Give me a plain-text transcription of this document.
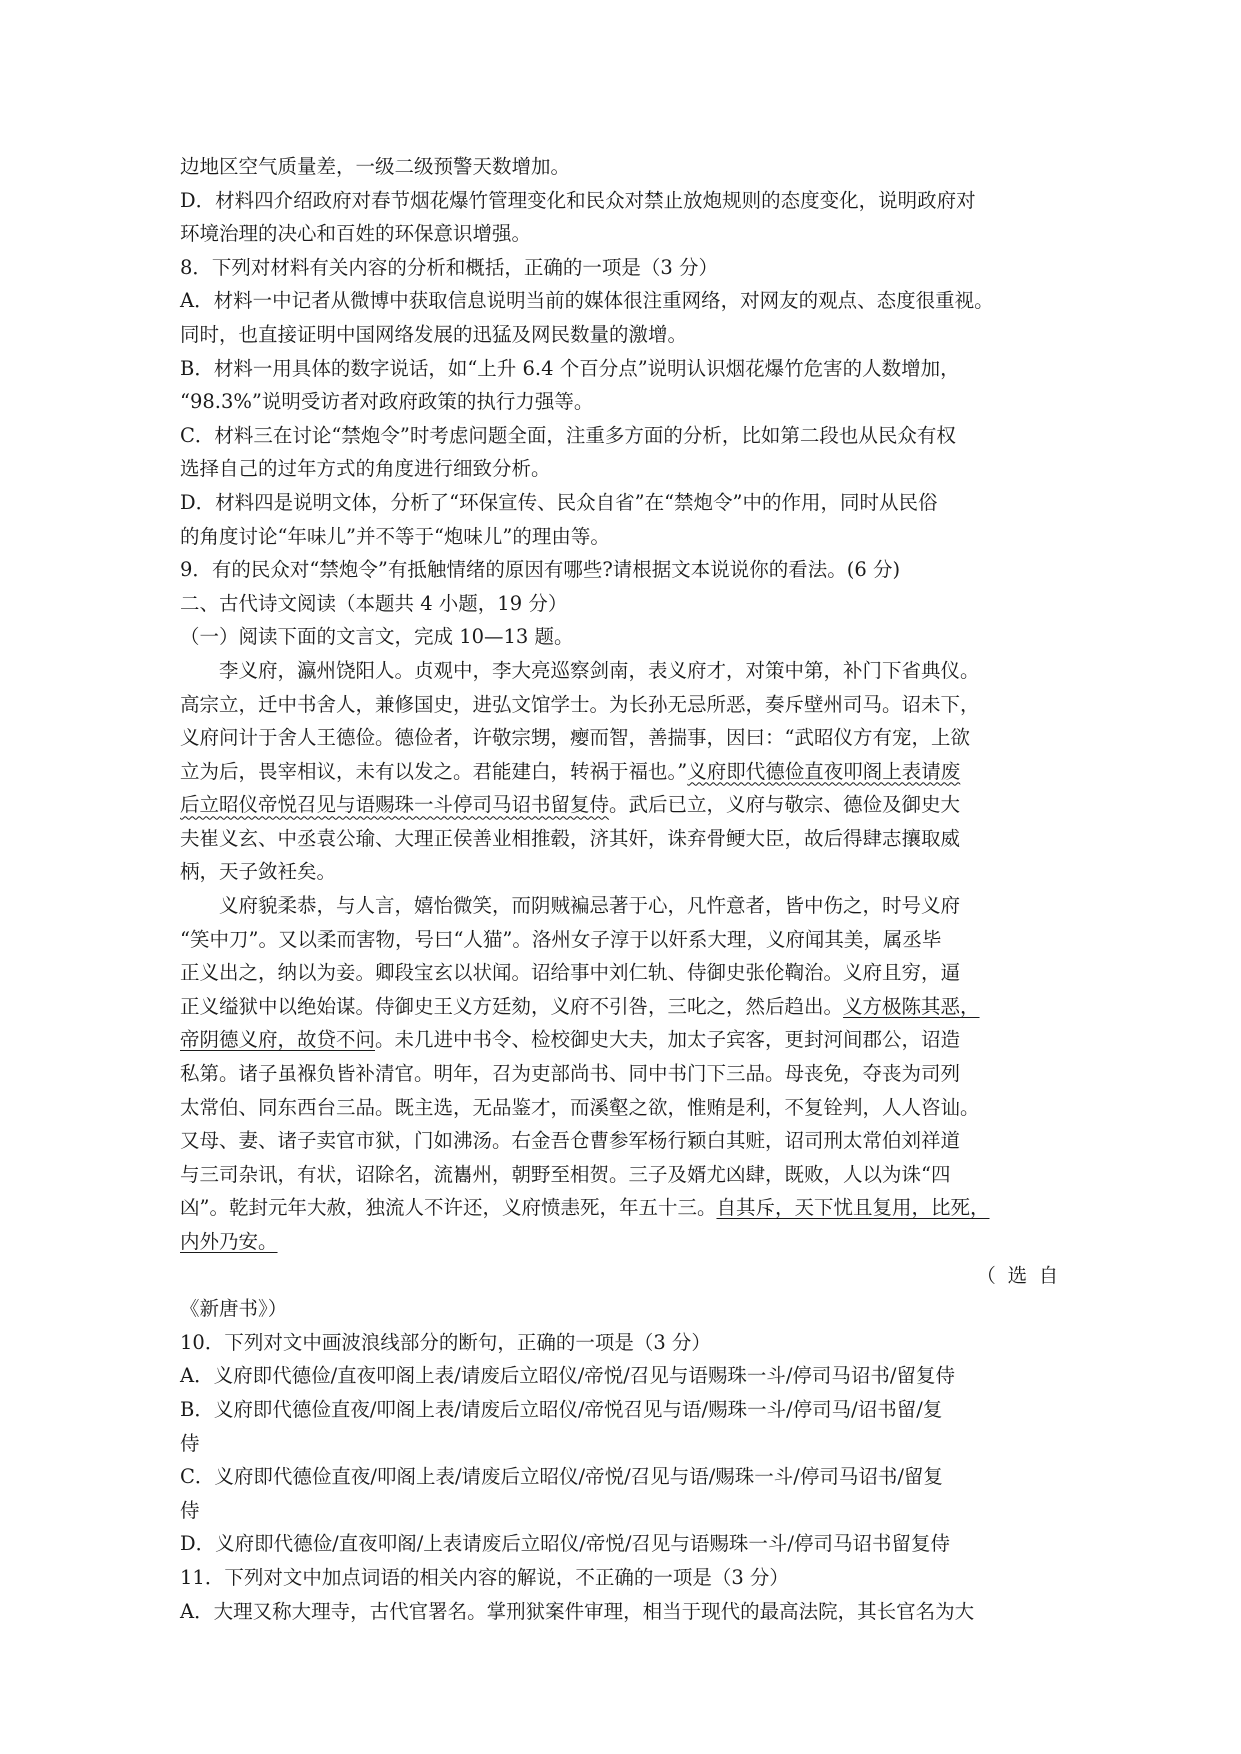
边地区空气质量差，一级二级预警天数增加。
D．材料四介绍政府对春节烟花爆竹管理变化和民众对禁止放炮规则的态度变化，说明政府对
环境治理的决心和百姓的环保意识增强。
8．下列对材料有关内容的分析和概括，正确的一项是（3 分）
A．材料一中记者从微博中获取信息说明当前的媒体很注重网络，对网友的观点、态度很重视。
同时，也直接证明中国网络发展的迅猛及网民数量的激增。
B．材料一用具体的数字说话，如“上升 6.4 个百分点”说明认识烟花爆竹危害的人数增加，
“98.3%”说明受访者对政府政策的执行力强等。
C．材料三在讨论“禁炮令”时考虑问题全面，注重多方面的分析，比如第二段也从民众有权
选择自己的过年方式的角度进行细致分析。
D．材料四是说明文体，分析了“环保宣传、民众自省”在“禁炮令”中的作用，同时从民俗
的角度讨论“年味儿”并不等于“炮味儿”的理由等。
9．有的民众对“禁炮令”有抵触情绪的原因有哪些?请根据文本说说你的看法。(6 分)
二、古代诗文阅读（本题共 4 小题，19 分）
（一）阅读下面的文言文，完成 10—13 题。
李义府，瀛州饶阳人。贞观中，李大亮巡察剑南，表义府才，对策中第，补门下省典仪。
高宗立，迁中书舍人，兼修国史，进弘文馆学士。为长孙无忌所恶，奏斥壁州司马。诏未下，
义府问计于舍人王德俭。德俭者，许敬宗甥，瘿而智，善揣事，因曰：“武昭仪方有宠，上欲
立为后，畏宰相议，未有以发之。君能建白，转祸于福也。”义府即代德俭直夜叩阁上表请废
后立昭仪帝悦召见与语赐珠一斗停司马诏书留复侍。武后已立，义府与敬宗、德俭及御史大
夫崔义玄、中丞袁公瑜、大理正侯善业相推毂，济其奸，诛弃骨鲠大臣，故后得肆志攘取威
柄，天子敛衽矣。
义府貌柔恭，与人言，嬉怡微笑，而阴贼褊忌著于心，凡忤意者，皆中伤之，时号义府
“笑中刀”。又以柔而害物，号曰“人猫”。洛州女子淳于以奸系大理，义府闻其美，属丞毕
正义出之，纳以为妾。卿段宝玄以状闻。诏给事中刘仁轨、侍御史张伦鞫治。义府且穷，逼
正义缢狱中以绝始谋。侍御史王义方廷劾，义府不引咎，三叱之，然后趋出。义方极陈其恶，
帝阴德义府，故贷不问。未几进中书令、检校御史大夫，加太子宾客，更封河间郡公，诏造
私第。诸子虽褓负皆补清官。明年，召为吏部尚书、同中书门下三品。母丧免，夺丧为司列
太常伯、同东西台三品。既主选，无品鉴才，而溪壑之欲，惟贿是利，不复铨判，人人咨讪。
又母、妻、诸子卖官市狱，门如沸汤。右金吾仓曹参军杨行颖白其赃，诏司刑太常伯刘祥道
与三司杂讯，有状，诏除名，流巂州，朝野至相贺。三子及婿尤凶肆，既败，人以为诛“四
凶”。乾封元年大赦，独流人不许还，义府愤恚死，年五十三。自其斥，天下忧且复用，比死，
内外乃安。
（选自
《新唐书》）
10．下列对文中画波浪线部分的断句，正确的一项是（3 分）
A．义府即代德俭/直夜叩阁上表/请废后立昭仪/帝悦/召见与语赐珠一斗/停司马诏书/留复侍
B．义府即代德俭直夜/叩阁上表/请废后立昭仪/帝悦召见与语/赐珠一斗/停司马/诏书留/复
侍
C．义府即代德俭直夜/叩阁上表/请废后立昭仪/帝悦/召见与语/赐珠一斗/停司马诏书/留复
侍
D．义府即代德俭/直夜叩阁/上表请废后立昭仪/帝悦/召见与语赐珠一斗/停司马诏书留复侍
11．下列对文中加点词语的相关内容的解说，不正确的一项是（3 分）
A．大理又称大理寺，古代官署名。掌刑狱案件审理，相当于现代的最高法院，其长官名为大
